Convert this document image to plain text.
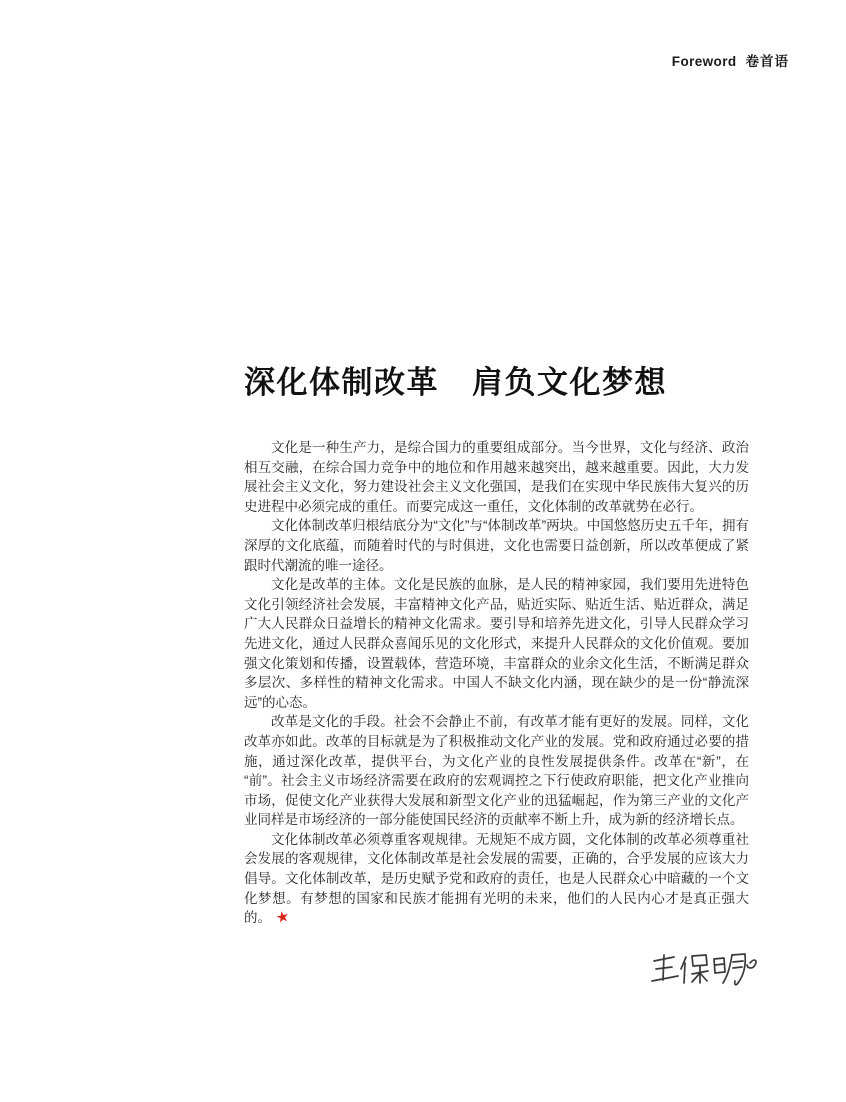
Foreword 卷首语
深化体制改革 肩负文化梦想

文化是一种生产力，是综合国力的重要组成部分。当今世界，文化与经济、政治相互交融，在综合国力竞争中的地位和作用越来越突出，越来越重要。因此，大力发展社会主义文化，努力建设社会主义文化强国，是我们在实现中华民族伟大复兴的历史进程中必须完成的重任。而要完成这一重任，文化体制的改革就势在必行。

文化体制改革归根结底分为“文化”与“体制改革”两块。中国悠悠历史五千年，拥有深厚的文化底蕴，而随着时代的与时俱进，文化也需要日益创新，所以改革便成了紧跟时代潮流的唯一途径。

文化是改革的主体。文化是民族的血脉，是人民的精神家园，我们要用先进特色文化引领经济社会发展，丰富精神文化产品，贴近实际、贴近生活、贴近群众，满足广大人民群众日益增长的精神文化需求。要引导和培养先进文化，引导人民群众学习先进文化，通过人民群众喜闻乐见的文化形式，来提升人民群众的文化价值观。要加强文化策划和传播，设置载体，营造环境，丰富群众的业余文化生活，不断满足群众多层次、多样性的精神文化需求。中国人不缺文化内涵，现在缺少的是一份“静流深远”的心态。

改革是文化的手段。社会不会静止不前，有改革才能有更好的发展。同样，文化改革亦如此。改革的目标就是为了积极推动文化产业的发展。党和政府通过必要的措施，通过深化改革，提供平台，为文化产业的良性发展提供条件。改革在“新”，在“前”。社会主义市场经济需要在政府的宏观调控之下行使政府职能，把文化产业推向市场，促使文化产业获得大发展和新型文化产业的迅猛崛起，作为第三产业的文化产业同样是市场经济的一部分能使国民经济的贡献率不断上升，成为新的经济增长点。

文化体制改革必须尊重客观规律。无规矩不成方圆，文化体制的改革必须尊重社会发展的客观规律，文化体制改革是社会发展的需要，正确的，合乎发展的应该大力倡导。文化体制改革，是历史赋予党和政府的责任，也是人民群众心中暗藏的一个文化梦想。有梦想的国家和民族才能拥有光明的未来，他们的人民内心才是真正强大的。 ★
